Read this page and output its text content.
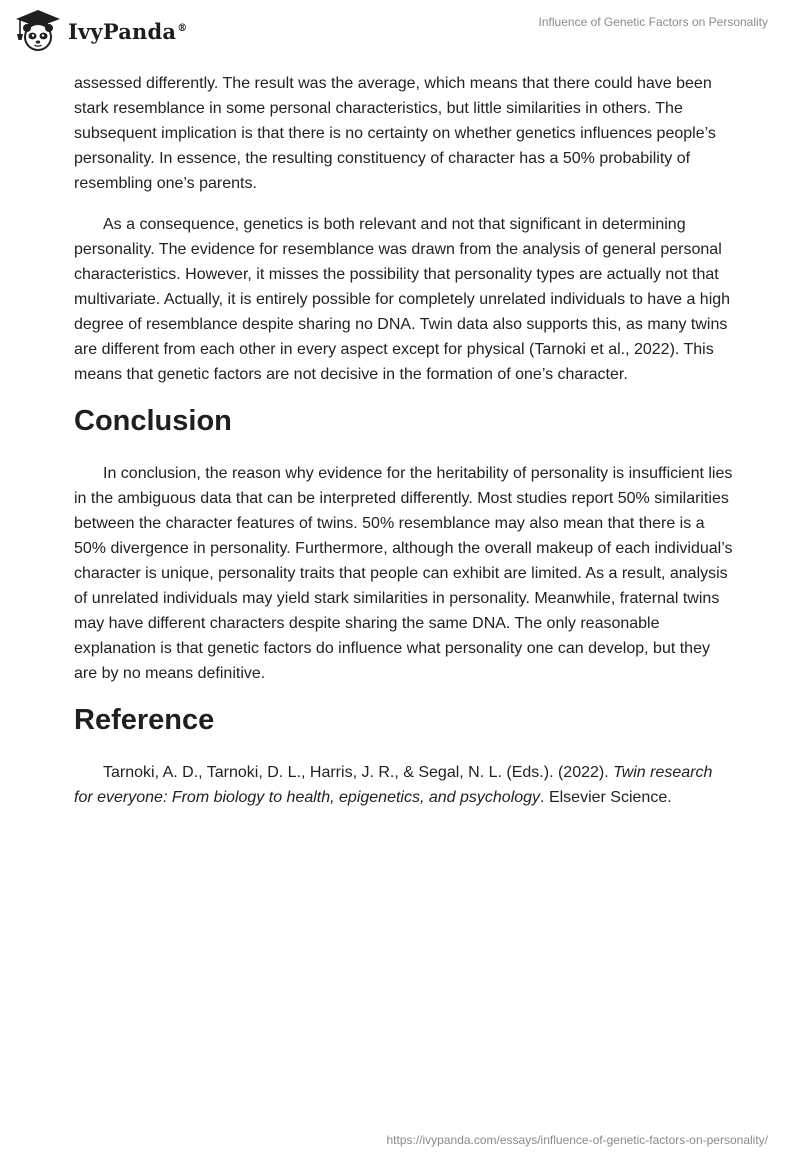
IvyPanda®	Influence of Genetic Factors on Personality

assessed differently. The result was the average, which means that there could have been stark resemblance in some personal characteristics, but little similarities in others. The subsequent implication is that there is no certainty on whether genetics influences people’s personality. In essence, the resulting constituency of character has a 50% probability of resembling one’s parents.

As a consequence, genetics is both relevant and not that significant in determining personality. The evidence for resemblance was drawn from the analysis of general personal characteristics. However, it misses the possibility that personality types are actually not that multivariate. Actually, it is entirely possible for completely unrelated individuals to have a high degree of resemblance despite sharing no DNA. Twin data also supports this, as many twins are different from each other in every aspect except for physical (Tarnoki et al., 2022). This means that genetic factors are not decisive in the formation of one’s character.

Conclusion

In conclusion, the reason why evidence for the heritability of personality is insufficient lies in the ambiguous data that can be interpreted differently. Most studies report 50% similarities between the character features of twins. 50% resemblance may also mean that there is a 50% divergence in personality. Furthermore, although the overall makeup of each individual’s character is unique, personality traits that people can exhibit are limited. As a result, analysis of unrelated individuals may yield stark similarities in personality. Meanwhile, fraternal twins may have different characters despite sharing the same DNA. The only reasonable explanation is that genetic factors do influence what personality one can develop, but they are by no means definitive.

Reference

Tarnoki, A. D., Tarnoki, D. L., Harris, J. R., & Segal, N. L. (Eds.). (2022). Twin research for everyone: From biology to health, epigenetics, and psychology. Elsevier Science.

https://ivypanda.com/essays/influence-of-genetic-factors-on-personality/
